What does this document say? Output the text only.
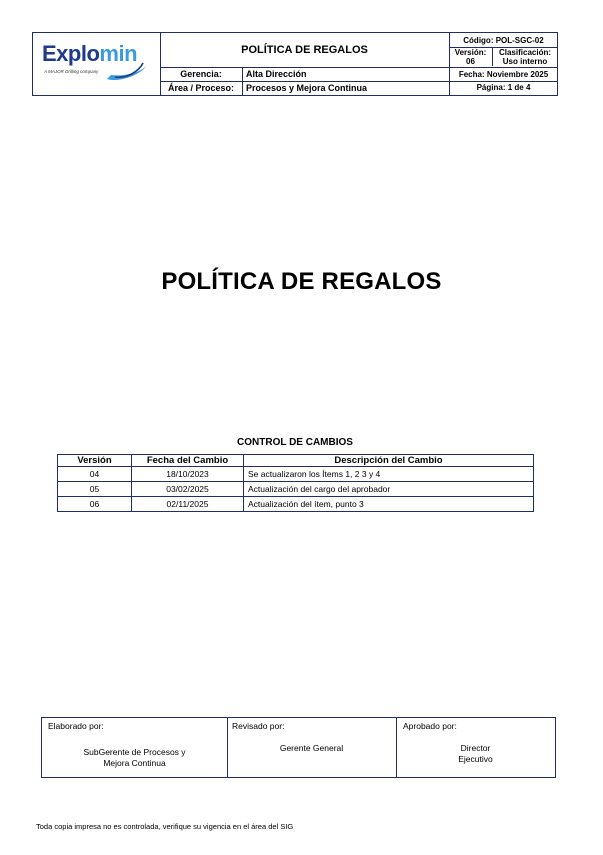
Explomin
A MAJOR Drilling company
POLÍTICA DE REGALOS
Gerencia:	Alta Dirección
Área / Proceso:	Procesos y Mejora Continua
Código: POL-SGC-02
Versión:
06
Clasificación:
Uso interno
Fecha: Noviembre 2025
Página: 1 de 4
POLÍTICA DE REGALOS
CONTROL DE CAMBIOS
Versión	Fecha del Cambio	Descripción del Cambio
04	18/10/2023	Se actualizaron los Ítems 1, 2 3 y 4
05	03/02/2025	Actualización del cargo del aprobador
06	02/11/2025	Actualización del ítem, punto 3
Elaborado por:
SubGerente de Procesos y
Mejora Continua
Revisado por:
Gerente General
Aprobado por:
Director
Ejecutivo
Toda copia impresa no es controlada, verifique su vigencia en el área del SIG
